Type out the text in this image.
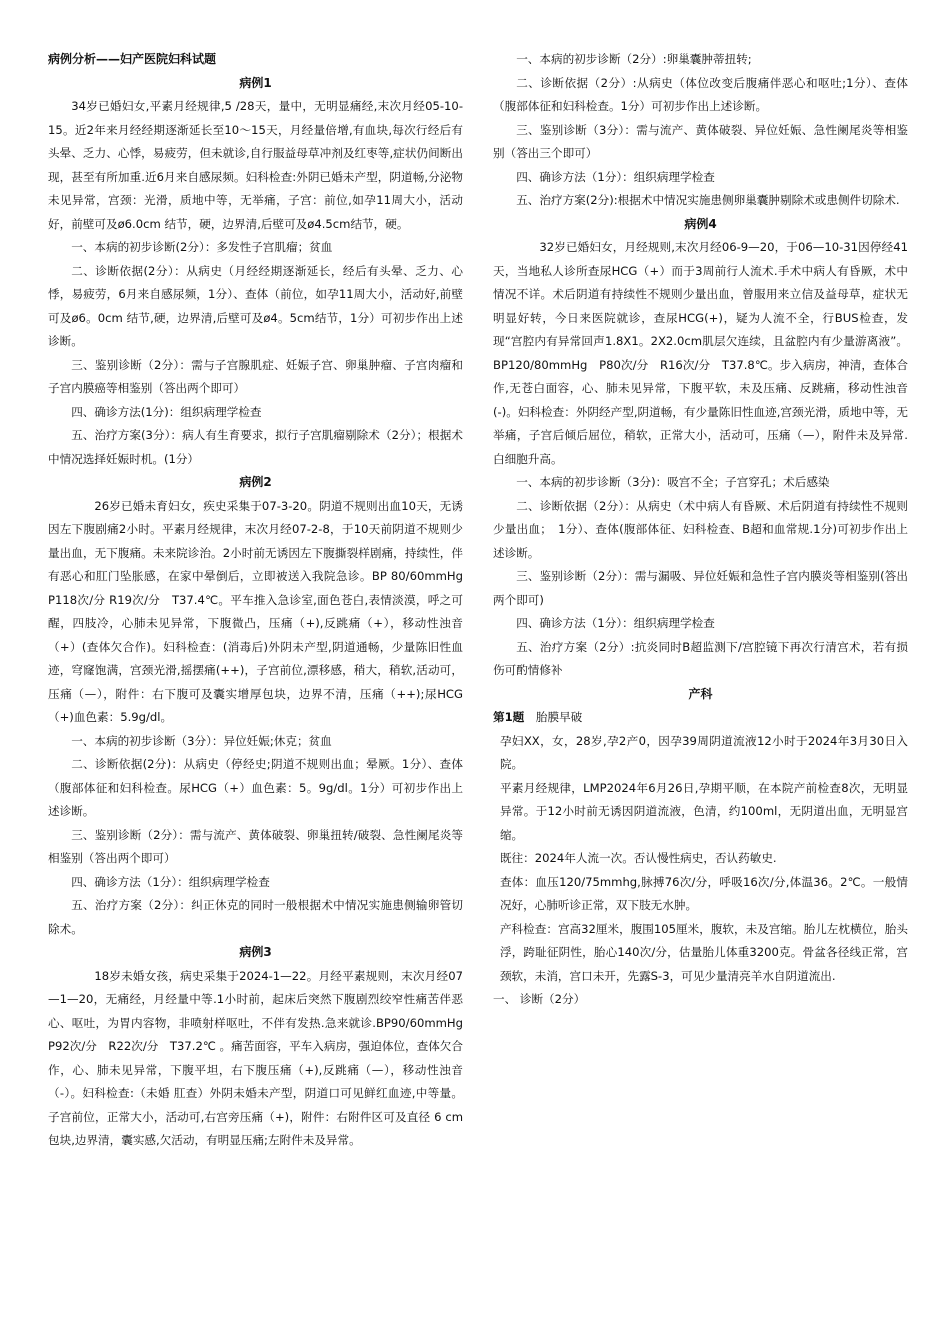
病例分析——妇产医院妇科试题

病例1

34岁已婚妇女,平素月经规律,5 /28天，量中，无明显痛经,末次月经05-10-15。近2年来月经经期逐渐延长至10～15天，月经量倍增,有血块,每次行经后有头晕、乏力、心悸，易疲劳，但未就诊,自行服益母草冲剂及红枣等,症状仍间断出现，甚至有所加重.近6月来自感尿频。妇科检查:外阴已婚未产型，阴道畅,分泌物未见异常，宫颈：光滑，质地中等，无举痛，子宫：前位,如孕11周大小，活动好，前壁可及ø6.0cm 结节，硬，边界清,后壁可及ø4.5cm结节，硬。

一、本病的初步诊断(2分）：多发性子宫肌瘤；贫血

二、诊断依据(2分）：从病史（月经经期逐渐延长，经后有头晕、乏力、心悸，易疲劳，6月来自感尿频，1分）、查体（前位，如孕11周大小，活动好,前壁可及ø6。0cm 结节,硬，边界清,后壁可及ø4。5cm结节，1分）可初步作出上述诊断。

三、鉴别诊断（2分）：需与子宫腺肌症、妊娠子宫、卵巢肿瘤、子宫肉瘤和子宫内膜癌等相鉴别（答出两个即可）

四、确诊方法(1分)：组织病理学检查

五、治疗方案(3分）：病人有生育要求，拟行子宫肌瘤剔除术（2分）；根据术中情况选择妊娠时机。(1分）

病例2

26岁已婚未育妇女，疾史采集于07-3-20。阴道不规则出血10天，无诱因左下腹剧痛2小时。平素月经规律，末次月经07-2-8，于10天前阴道不规则少量出血，无下腹痛。未来院诊治。2小时前无诱因左下腹撕裂样剧痛，持续性，伴有恶心和肛门坠胀感，在家中晕倒后，立即被送入我院急诊。BP 80/60mmHg P118次/分 R19次/分　T37.4℃。平车推入急诊室,面色苍白,表情淡漠，呼之可醒，四肢冷，心肺未见异常，下腹微凸，压痛（+),反跳痛（+），移动性浊音（+）(查体欠合作)。妇科检查：(消毒后)外阴未产型,阴道通畅，少量陈旧性血迹，穹窿饱满，宫颈光滑,摇摆痛(++)，子宫前位,漂移感，稍大，稍软,活动可，压痛（—），附件：右下腹可及囊实增厚包块，边界不清，压痛（++);尿HCG（+)血色素：5.9g/dl。

一、本病的初步诊断（3分）：异位妊娠;休克；贫血

二、诊断依据(2分)：从病史（停经史;阴道不规则出血；晕厥。1分）、查体（腹部体征和妇科检查。尿HCG（+）血色素：5。9g/dl。1分）可初步作出上述诊断。

三、鉴别诊断（2分）：需与流产、黄体破裂、卵巢扭转/破裂、急性阑尾炎等相鉴别（答出两个即可）

四、确诊方法（1分）：组织病理学检查

五、治疗方案（2分）：纠正休克的同时一般根据术中情况实施患侧输卵管切除术。

病例3

18岁未婚女孩，病史采集于2024-1—22。月经平素规则，末次月经07—1—20，无痛经，月经量中等.1小时前，起床后突然下腹剧烈绞窄性痛苦伴恶心、呕吐，为胃内容物，非喷射样呕吐，不伴有发热.急来就诊.BP90/60mmHg　 P92次/分　R22次/分　T37.2℃ 。痛苦面容，平车入病房，强迫体位，查体欠合作，心、肺未见异常，下腹平坦，右下腹压痛（+),反跳痛（—），移动性浊音（-）。妇科检查:（未婚 肛查）外阴未婚未产型，阴道口可见鲜红血迹,中等量。子宫前位，正常大小，活动可,右宫旁压痛（+)，附件：右附件区可及直径 6 cm 包块,边界清，囊实感,欠活动，有明显压痛;左附件未及异常。

一、本病的初步诊断（2分）:卵巢囊肿蒂扭转;

二、诊断依据（2分）:从病史（体位改变后腹痛伴恶心和呕吐;1分）、查体（腹部体征和妇科检查。1分）可初步作出上述诊断。

三、鉴别诊断（3分）：需与流产、黄体破裂、异位妊娠、急性阑尾炎等相鉴别（答出三个即可）

四、确诊方法（1分）：组织病理学检查

五、治疗方案(2分):根据术中情况实施患侧卵巢囊肿剔除术或患侧件切除术.

病例4

32岁已婚妇女，月经规则,末次月经06-9—20，于06—10-31因停经41天，当地私人诊所查尿HCG（+）而于3周前行人流术.手术中病人有昏厥，术中情况不详。术后阴道有持续性不规则少量出血，曾服用来立信及益母草，症状无明显好转，今日来医院就诊，查尿HCG(+)，疑为人流不全，行BUS检查，发现“宫腔内有异常回声1.8X1。2X2.0cm肌层欠连续，且盆腔内有少量游离液”。BP120/80mmHg　P80次/分　R16次/分　T37.8℃。步入病房，神清，查体合作,无苍白面容，心、肺未见异常，下腹平软，未及压痛、反跳痛，移动性浊音(-)。妇科检查：外阴经产型,阴道畅，有少量陈旧性血迹,宫颈光滑，质地中等，无举痛，子宫后倾后屈位，稍软，正常大小，活动可，压痛（—），附件未及异常.白细胞升高。

一、本病的初步诊断（3分)：吸宫不全；子宫穿孔；术后感染

二、诊断依据（2分）：从病史（术中病人有昏厥、术后阴道有持续性不规则少量出血；　1分）、查体(腹部体征、妇科检查、B超和血常规.1分)可初步作出上述诊断。

三、鉴别诊断（2分）：需与漏吸、异位妊娠和急性子宫内膜炎等相鉴别(答出两个即可)

四、确诊方法（1分）：组织病理学检查

五、治疗方案（2分）:抗炎同时B超监测下/宫腔镜下再次行清宫术，若有损伤可酌情修补

产科

第1题　 胎膜早破

孕妇XX，女，28岁,孕2产0，因孕39周阴道流液12小时于2024年3月30日入院。

平素月经规律，LMP2024年6月26日,孕期平顺，在本院产前检查8次，无明显异常。于12小时前无诱因阴道流液，色清，约100ml，无阴道出血，无明显宫缩。

既往：2024年人流一次。否认慢性病史，否认药敏史.

查体：血压120/75mmhg,脉搏76次/分，呼吸16次/分,体温36。2℃。一般情况好，心肺听诊正常，双下肢无水肿。

产科检查：宫高32厘米，腹围105厘米，腹软，未及宫缩。胎儿左枕横位，胎头浮，跨耻征阴性，胎心140次/分，估量胎儿体重3200克。骨盆各径线正常，宫颈软，未消，宫口未开，先露S-3，可见少量清亮羊水自阴道流出.

一、 诊断（2分）
